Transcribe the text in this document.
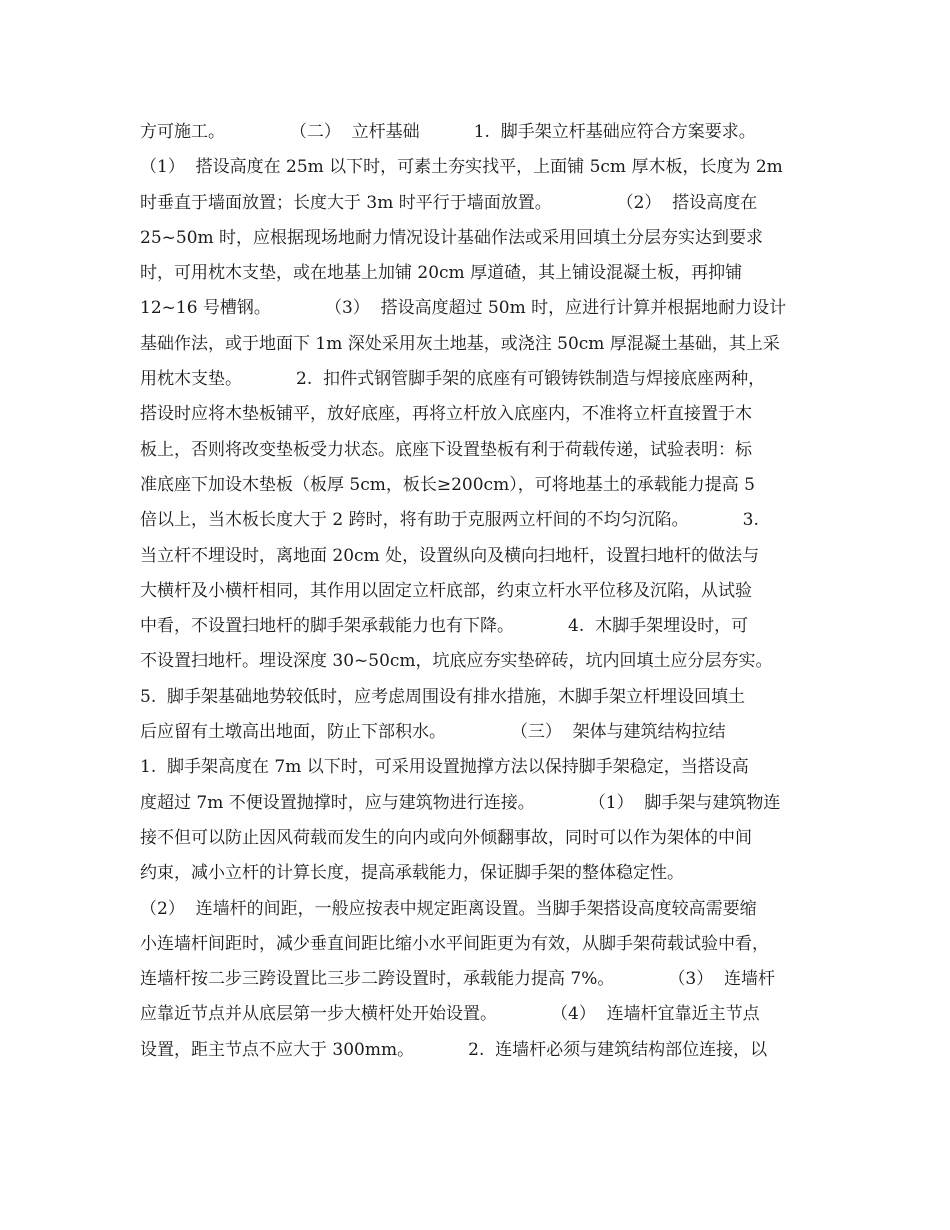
方可施工。            （二）  立杆基础          1.  脚手架立杆基础应符合方案要求。
（1）  搭设高度在 25m 以下时，可素土夯实找平，上面铺 5cm 厚木板，长度为 2m
时垂直于墙面放置；长度大于 3m 时平行于墙面放置。            （2）  搭设高度在
25~50m 时，应根据现场地耐力情况设计基础作法或采用回填土分层夯实达到要求
时，可用枕木支垫，或在地基上加铺 20cm 厚道碴，其上铺设混凝土板，再抑铺
12~16 号槽钢。          （3）  搭设高度超过 50m 时，应进行计算并根据地耐力设计
基础作法，或于地面下 1m 深处采用灰土地基，或浇注 50cm 厚混凝土基础，其上采
用枕木支垫。          2.  扣件式钢管脚手架的底座有可锻铸铁制造与焊接底座两种，
搭设时应将木垫板铺平，放好底座，再将立杆放入底座内，不准将立杆直接置于木
板上，否则将改变垫板受力状态。底座下设置垫板有利于荷载传递，试验表明：标
准底座下加设木垫板（板厚 5cm，板长≥200cm），可将地基土的承载能力提高 5
倍以上，当木板长度大于 2 跨时，将有助于克服两立杆间的不均匀沉陷。          3.
当立杆不埋设时，离地面 20cm 处，设置纵向及横向扫地杆，设置扫地杆的做法与
大横杆及小横杆相同，其作用以固定立杆底部，约束立杆水平位移及沉陷，从试验
中看，不设置扫地杆的脚手架承载能力也有下降。          4.  木脚手架埋设时，可
不设置扫地杆。埋设深度 30~50cm，坑底应夯实垫碎砖，坑内回填土应分层夯实。
5.  脚手架基础地势较低时，应考虑周围设有排水措施，木脚手架立杆埋设回填土
后应留有土墩高出地面，防止下部积水。            （三）  架体与建筑结构拉结
1.  脚手架高度在 7m 以下时，可采用设置抛撑方法以保持脚手架稳定，当搭设高
度超过 7m 不便设置抛撑时，应与建筑物进行连接。          （1）  脚手架与建筑物连
接不但可以防止因风荷载而发生的向内或向外倾翻事故，同时可以作为架体的中间
约束，减小立杆的计算长度，提高承载能力，保证脚手架的整体稳定性。
（2）  连墙杆的间距，一般应按表中规定距离设置。当脚手架搭设高度较高需要缩
小连墙杆间距时，减少垂直间距比缩小水平间距更为有效，从脚手架荷载试验中看，
连墙杆按二步三跨设置比三步二跨设置时，承载能力提高 7%。          （3）  连墙杆
应靠近节点并从底层第一步大横杆处开始设置。          （4）  连墙杆宜靠近主节点
设置，距主节点不应大于 300mm。          2.  连墙杆必须与建筑结构部位连接，以
